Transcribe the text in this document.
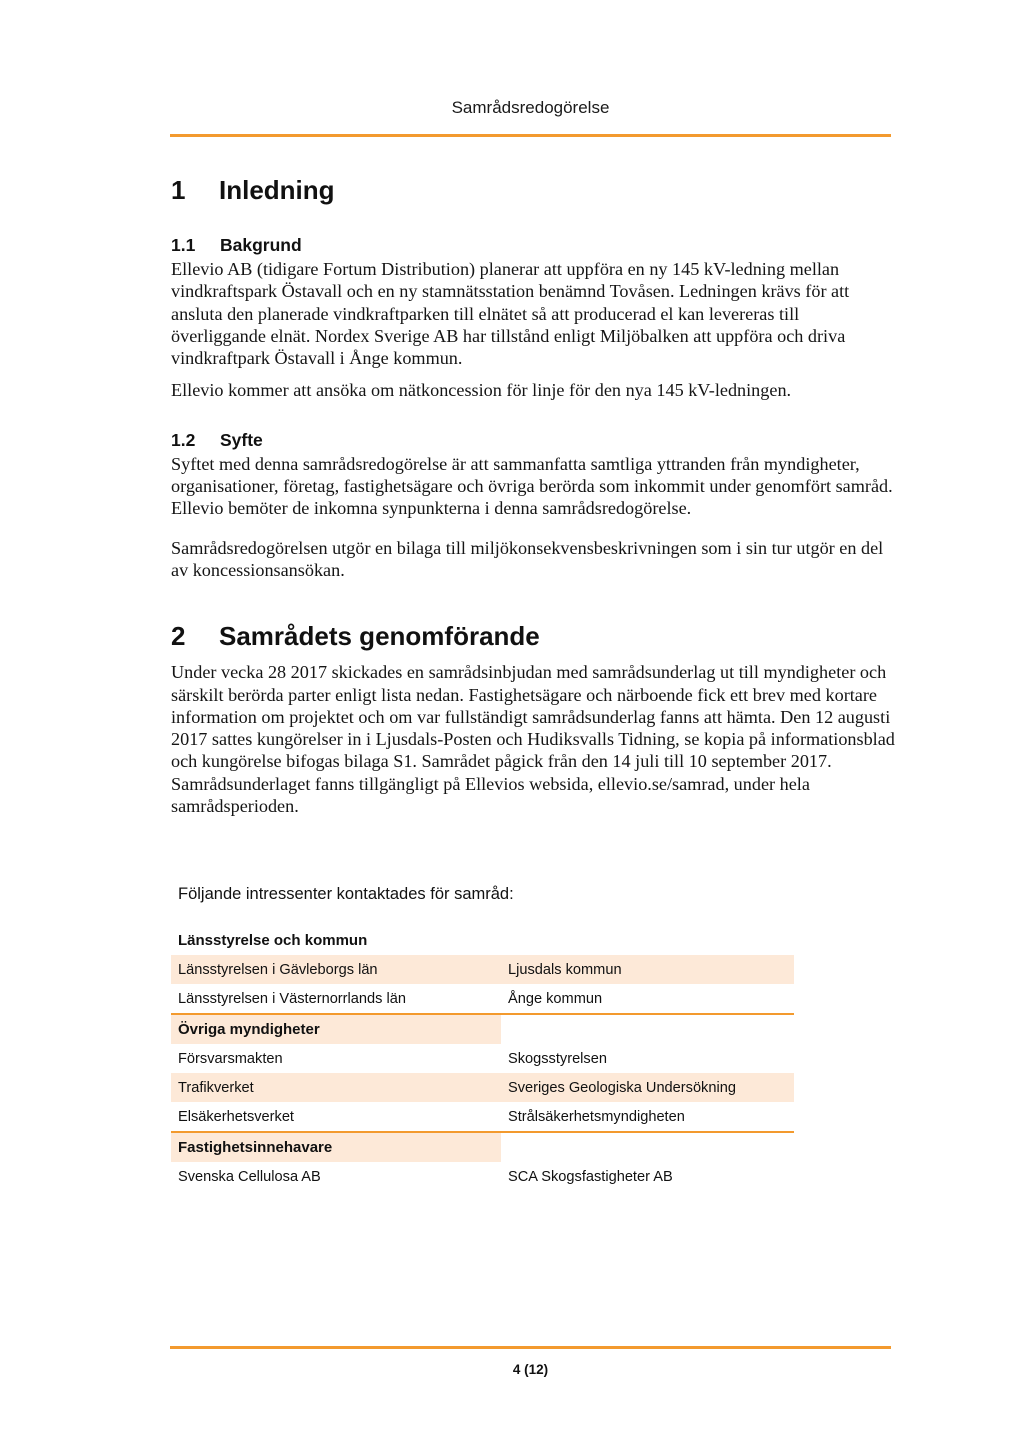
Samrådsredogörelse
1	Inledning
1.1	Bakgrund

Ellevio AB (tidigare Fortum Distribution) planerar att uppföra en ny 145 kV-ledning mellan vindkraftspark Östavall och en ny stamnätsstation benämnd Tovåsen. Ledningen krävs för att ansluta den planerade vindkraftparken till elnätet så att producerad el kan levereras till överliggande elnät. Nordex Sverige AB har tillstånd enligt Miljöbalken att uppföra och driva vindkraftpark Östavall i Ånge kommun.

Ellevio kommer att ansöka om nätkoncession för linje för den nya 145 kV-ledningen.

1.2	Syfte

Syftet med denna samrådsredogörelse är att sammanfatta samtliga yttranden från myndigheter, organisationer, företag, fastighetsägare och övriga berörda som inkommit under genomfört samråd. Ellevio bemöter de inkomna synpunkterna i denna samrådsredogörelse.

Samrådsredogörelsen utgör en bilaga till miljökonsekvensbeskrivningen som i sin tur utgör en del av koncessionsansökan.

2	Samrådets genomförande

Under vecka 28 2017 skickades en samrådsinbjudan med samrådsunderlag ut till myndigheter och särskilt berörda parter enligt lista nedan. Fastighetsägare och närboende fick ett brev med kortare information om projektet och om var fullständigt samrådsunderlag fanns att hämta. Den 12 augusti 2017 sattes kungörelser in i Ljusdals-Posten och Hudiksvalls Tidning, se kopia på informationsblad och kungörelse bifogas bilaga S1. Samrådet pågick från den 14 juli till 10 september 2017. Samrådsunderlaget fanns tillgängligt på Ellevios websida, ellevio.se/samrad, under hela samrådsperioden.

Följande intressenter kontaktades för samråd:
Länsstyrelse och kommun	
Länsstyrelsen i Gävleborgs län	Ljusdals kommun
Länsstyrelsen i Västernorrlands län	Ånge kommun
Övriga myndigheter	
Försvarsmakten	Skogsstyrelsen
Trafikverket	Sveriges Geologiska Undersökning
Elsäkerhetsverket	Strålsäkerhetsmyndigheten
Fastighetsinnehavare	
Svenska Cellulosa AB	SCA Skogsfastigheter AB
4 (12)
